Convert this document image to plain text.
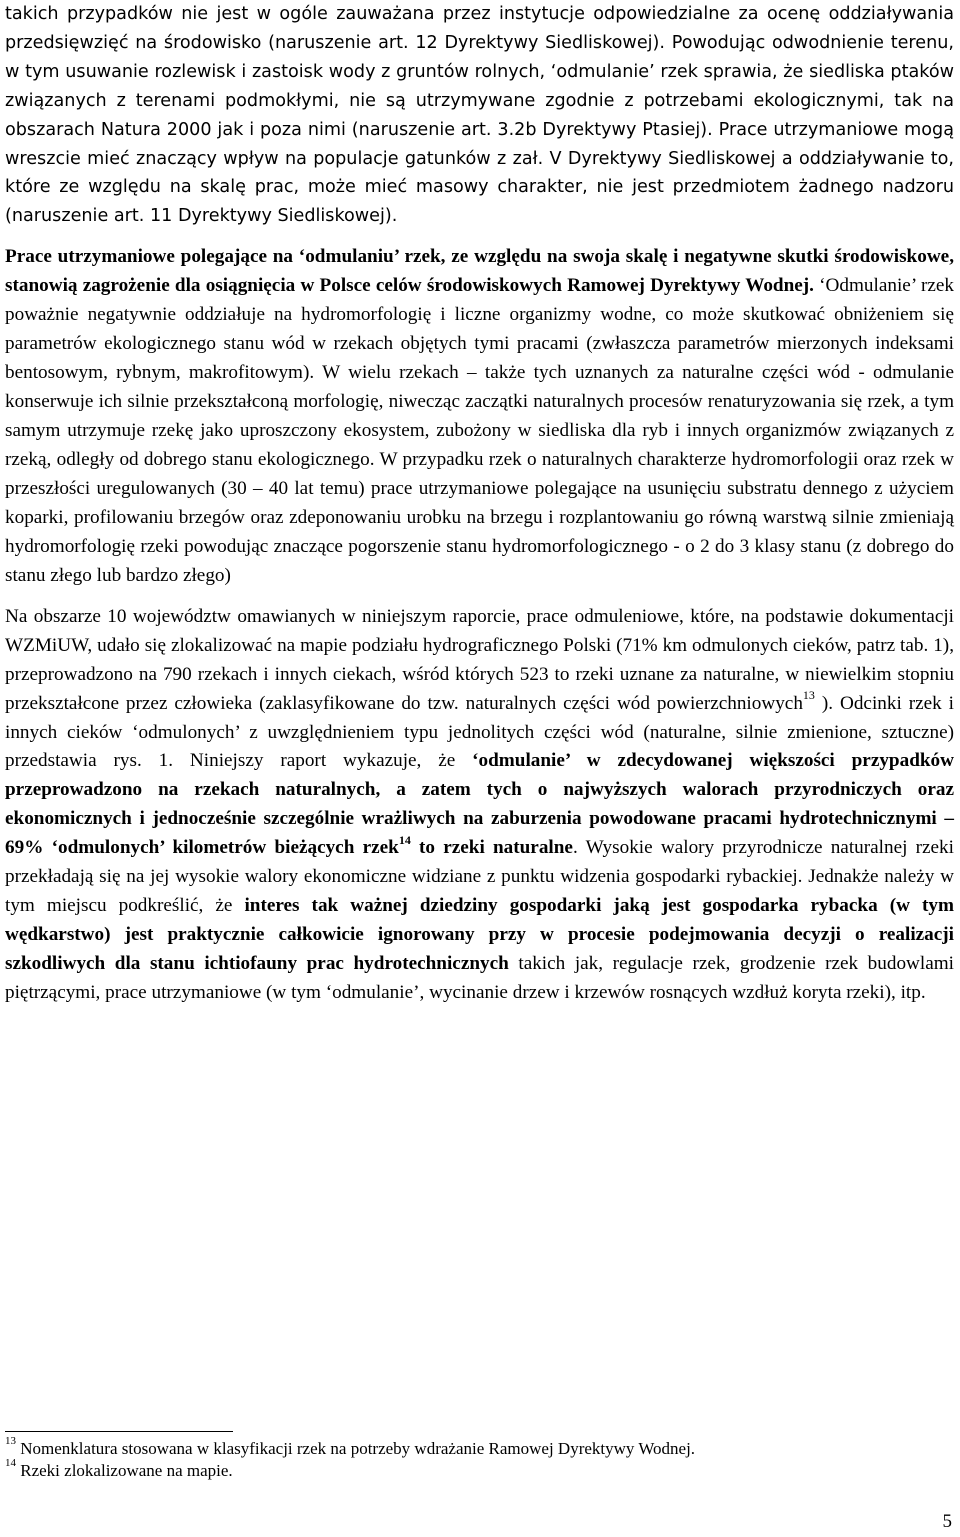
takich przypadków nie jest w ogóle zauważana przez instytucje odpowiedzialne za ocenę oddziaływania przedsięwzięć na środowisko (naruszenie art. 12 Dyrektywy Siedliskowej). Powodując odwodnienie terenu, w tym usuwanie rozlewisk i zastoisk wody z gruntów rolnych, ‘odmulanie’ rzek sprawia, że siedliska ptaków związanych z terenami podmokłymi, nie są utrzymywane zgodnie z potrzebami ekologicznymi, tak na obszarach Natura 2000 jak i poza nimi (naruszenie art. 3.2b Dyrektywy Ptasiej). Prace utrzymaniowe mogą wreszcie mieć znaczący wpływ na populacje gatunków z zał. V Dyrektywy Siedliskowej a oddziaływanie to, które ze względu na skalę prac, może mieć masowy charakter, nie jest przedmiotem żadnego nadzoru (naruszenie art. 11 Dyrektywy Siedliskowej).

Prace utrzymaniowe polegające na ‘odmulaniu’ rzek, ze względu na swoja skalę i negatywne skutki środowiskowe, stanowią zagrożenie dla osiągnięcia w Polsce celów środowiskowych Ramowej Dyrektywy Wodnej. ‘Odmulanie’ rzek poważnie negatywnie oddziałuje na hydromorfologię i liczne organizmy wodne, co może skutkować obniżeniem się parametrów ekologicznego stanu wód w rzekach objętych tymi pracami (zwłaszcza parametrów mierzonych indeksami bentosowym, rybnym, makrofitowym). W wielu rzekach – także tych uznanych za naturalne części wód - odmulanie konserwuje ich silnie przekształconą morfologię, niwecząc zaczątki naturalnych procesów renaturyzowania się rzek, a tym samym utrzymuje rzekę jako uproszczony ekosystem, zubożony w siedliska dla ryb i innych organizmów związanych z rzeką, odległy od dobrego stanu ekologicznego. W przypadku rzek o naturalnych charakterze hydromorfologii oraz rzek w przeszłości uregulowanych (30 – 40 lat temu) prace utrzymaniowe polegające na usunięciu substratu dennego z użyciem koparki, profilowaniu brzegów oraz zdeponowaniu urobku na brzegu i rozplantowaniu go równą warstwą silnie zmieniają hydromorfologię rzeki powodując znaczące pogorszenie stanu hydromorfologicznego - o 2 do 3 klasy stanu (z dobrego do stanu złego lub bardzo złego)

Na obszarze 10 województw omawianych w niniejszym raporcie, prace odmuleniowe, które, na podstawie dokumentacji WZMiUW, udało się zlokalizować na mapie podziału hydrograficznego Polski (71% km odmulonych cieków, patrz tab. 1), przeprowadzono na 790 rzekach i innych ciekach, wśród których 523 to rzeki uznane za naturalne, w niewielkim stopniu przekształcone przez człowieka (zaklasyfikowane do tzw. naturalnych części wód powierzchniowych$^{13}$ ). Odcinki rzek i innych cieków ‘odmulonych’ z uwzględnieniem typu jednolitych części wód (naturalne, silnie zmienione, sztuczne) przedstawia rys. 1. Niniejszy raport wykazuje, że ‘odmulanie’ w zdecydowanej większości przypadków przeprowadzono na rzekach naturalnych, a zatem tych o najwyższych walorach przyrodniczych oraz ekonomicznych i jednocześnie szczególnie wrażliwych na zaburzenia powodowane pracami hydrotechnicznymi – 69% ‘odmulonych’ kilometrów bieżących rzek$^{14}$ to rzeki naturalne. Wysokie walory przyrodnicze naturalnej rzeki przekładają się na jej wysokie walory ekonomiczne widziane z punktu widzenia gospodarki rybackiej. Jednakże należy w tym miejscu podkreślić, że interes tak ważnej dziedziny gospodarki jaką jest gospodarka rybacka (w tym wędkarstwo) jest praktycznie całkowicie ignorowany przy w procesie podejmowania decyzji o realizacji szkodliwych dla stanu ichtiofauny prac hydrotechnicznych takich jak, regulacje rzek, grodzenie rzek budowlami piętrzącymi, prace utrzymaniowe (w tym ‘odmulanie’, wycinanie drzew i krzewów rosnących wzdłuż koryta rzeki), itp.

$^{13}$ Nomenklatura stosowana w klasyfikacji rzek na potrzeby wdrażanie Ramowej Dyrektywy Wodnej.

$^{14}$ Rzeki zlokalizowane na mapie.

5
